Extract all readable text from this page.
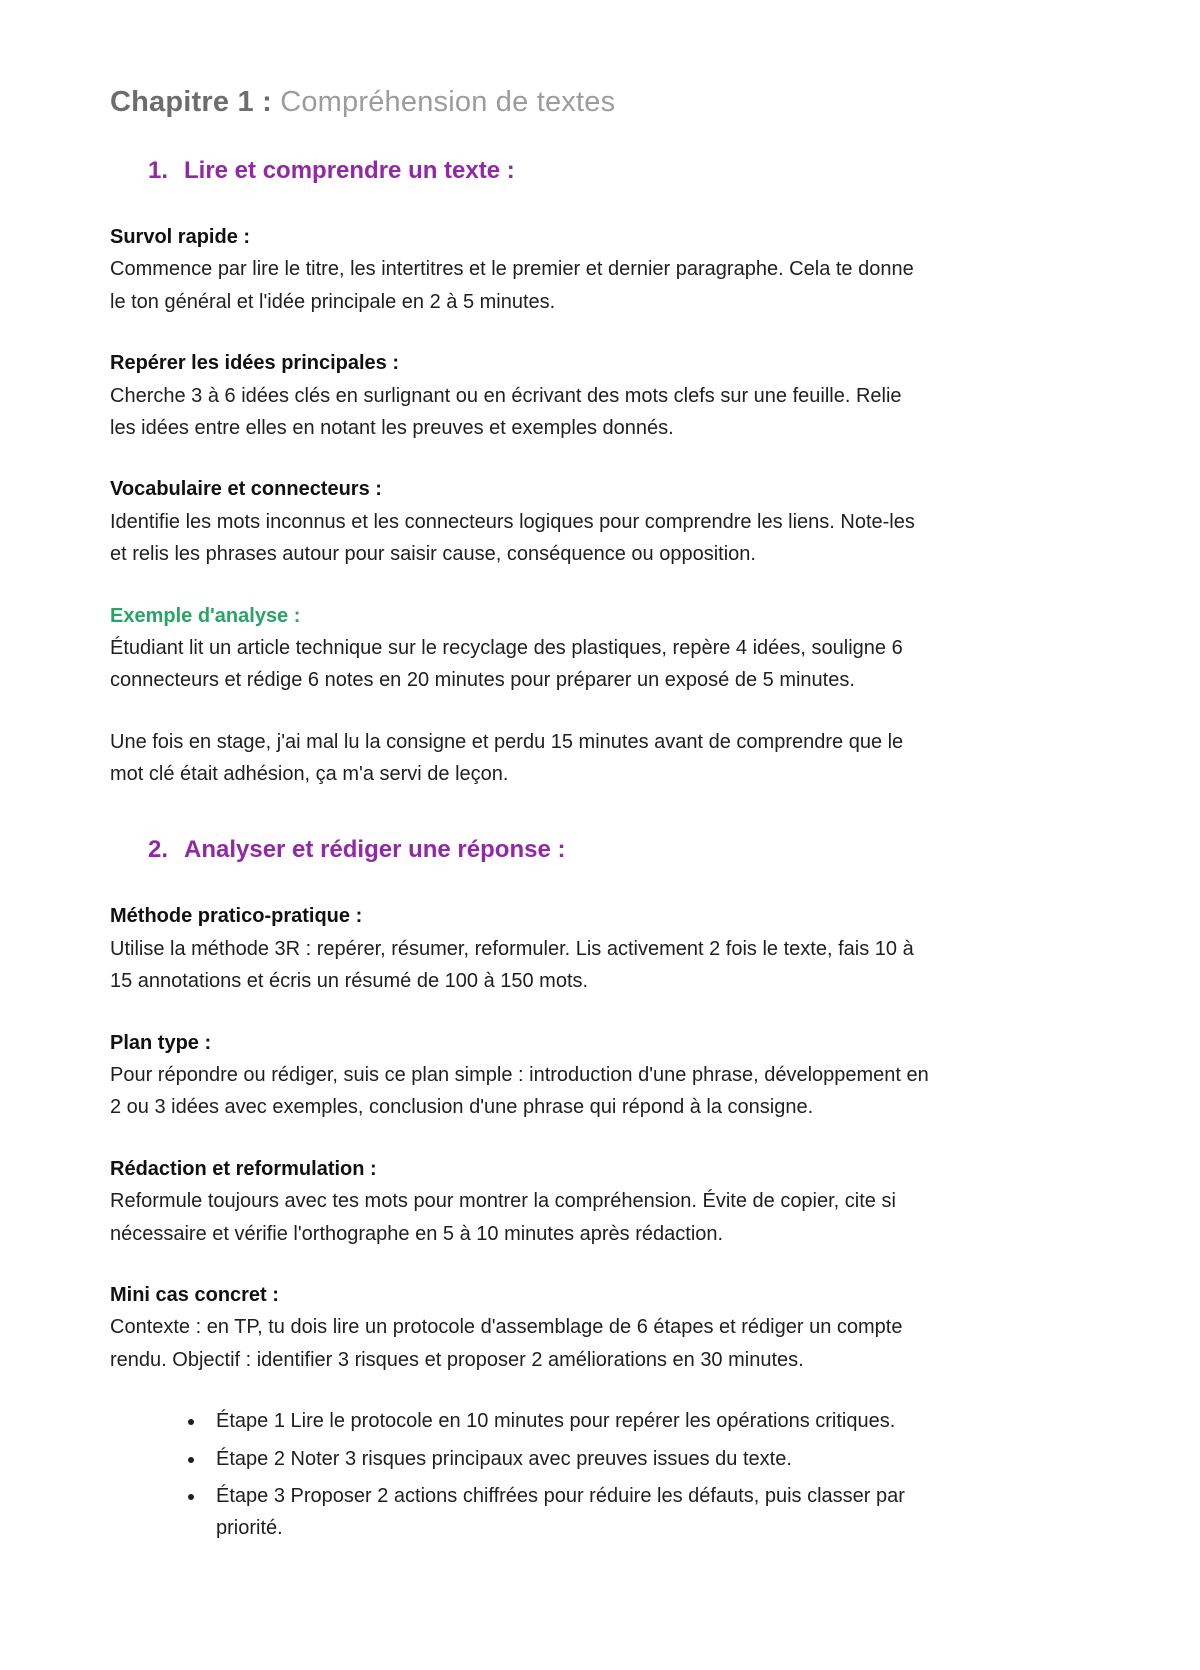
Chapitre 1 : Compréhension de textes
1. Lire et comprendre un texte :
Survol rapide :

Commence par lire le titre, les intertitres et le premier et dernier paragraphe. Cela te donne le ton général et l'idée principale en 2 à 5 minutes.

Repérer les idées principales :

Cherche 3 à 6 idées clés en surlignant ou en écrivant des mots clefs sur une feuille. Relie les idées entre elles en notant les preuves et exemples donnés.

Vocabulaire et connecteurs :

Identifie les mots inconnus et les connecteurs logiques pour comprendre les liens. Note-les et relis les phrases autour pour saisir cause, conséquence ou opposition.

Exemple d'analyse :

Étudiant lit un article technique sur le recyclage des plastiques, repère 4 idées, souligne 6 connecteurs et rédige 6 notes en 20 minutes pour préparer un exposé de 5 minutes.

Une fois en stage, j'ai mal lu la consigne et perdu 15 minutes avant de comprendre que le mot clé était adhésion, ça m'a servi de leçon.

2. Analyser et rédiger une réponse :
Méthode pratico-pratique :

Utilise la méthode 3R : repérer, résumer, reformuler. Lis activement 2 fois le texte, fais 10 à 15 annotations et écris un résumé de 100 à 150 mots.

Plan type :

Pour répondre ou rédiger, suis ce plan simple : introduction d'une phrase, développement en 2 ou 3 idées avec exemples, conclusion d'une phrase qui répond à la consigne.

Rédaction et reformulation :

Reformule toujours avec tes mots pour montrer la compréhension. Évite de copier, cite si nécessaire et vérifie l'orthographe en 5 à 10 minutes après rédaction.

Mini cas concret :

Contexte : en TP, tu dois lire un protocole d'assemblage de 6 étapes et rédiger un compte rendu. Objectif : identifier 3 risques et proposer 2 améliorations en 30 minutes.

• Étape 1 Lire le protocole en 10 minutes pour repérer les opérations critiques.
• Étape 2 Noter 3 risques principaux avec preuves issues du texte.
• Étape 3 Proposer 2 actions chiffrées pour réduire les défauts, puis classer par priorité.
